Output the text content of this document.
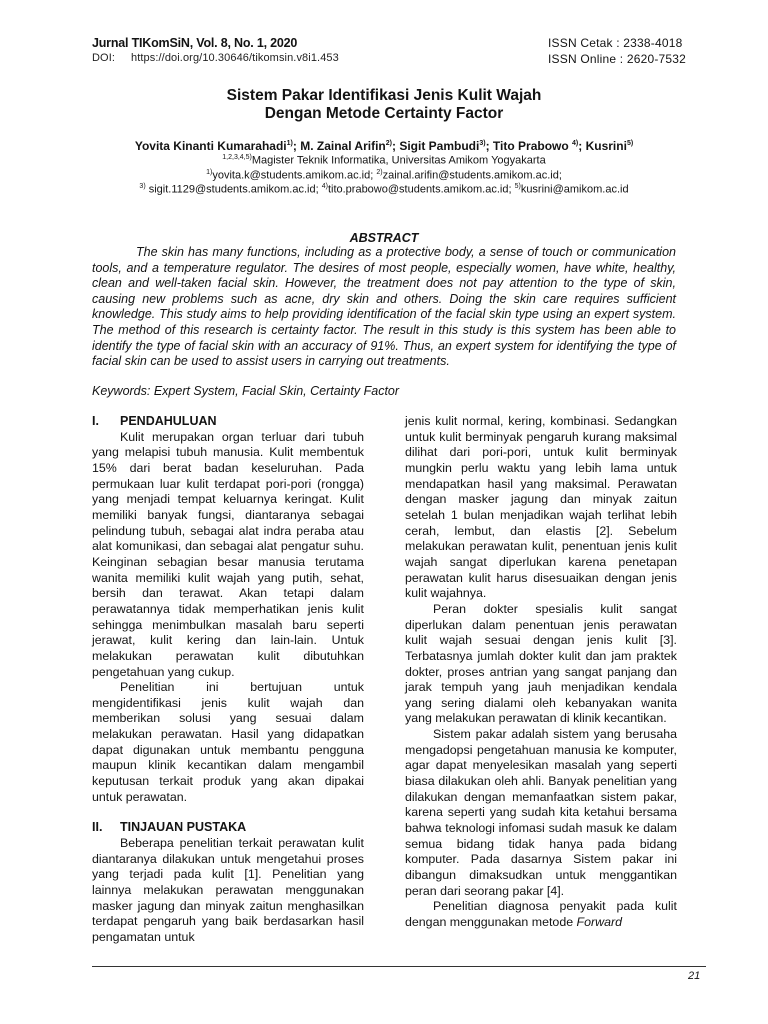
Jurnal TIKomSiN, Vol. 8, No. 1, 2020
DOI: https://doi.org/10.30646/tikomsin.v8i1.453
ISSN Cetak : 2338-4018
ISSN Online : 2620-7532
Sistem Pakar Identifikasi Jenis Kulit Wajah
Dengan Metode Certainty Factor
Yovita Kinanti Kumarahadi$^{1)}$; M. Zainal Arifin$^{2)}$; Sigit Pambudi$^{3)}$; Tito Prabowo $^{4)}$; Kusrini$^{5)}$
$^{1,2,3,4,5)}$Magister Teknik Informatika, Universitas Amikom Yogyakarta
$^{1)}$yovita.k@students.amikom.ac.id; $^{2)}$zainal.arifin@students.amikom.ac.id;
$^{3)}$ sigit.1129@students.amikom.ac.id; $^{4)}$tito.prabowo@students.amikom.ac.id; $^{5)}$kusrini@amikom.ac.id
ABSTRACT

The skin has many functions, including as a protective body, a sense of touch or communication tools, and a temperature regulator. The desires of most people, especially women, have white, healthy, clean and well-taken facial skin. However, the treatment does not pay attention to the type of skin, causing new problems such as acne, dry skin and others. Doing the skin care requires sufficient knowledge. This study aims to help providing identification of the facial skin type using an expert system. The method of this research is certainty factor. The result in this study is this system has been able to identify the type of facial skin with an accuracy of 91%. Thus, an expert system for identifying the type of facial skin can be used to assist users in carrying out treatments.

Keywords: Expert System, Facial Skin, Certainty Factor
I. PENDAHULUAN

Kulit merupakan organ terluar dari tubuh yang melapisi tubuh manusia. Kulit membentuk 15% dari berat badan keseluruhan. Pada permukaan luar kulit terdapat pori-pori (rongga) yang menjadi tempat keluarnya keringat. Kulit memiliki banyak fungsi, diantaranya sebagai pelindung tubuh, sebagai alat indra peraba atau alat komunikasi, dan sebagai alat pengatur suhu. Keinginan sebagian besar manusia terutama wanita memiliki kulit wajah yang putih, sehat, bersih dan terawat. Akan tetapi dalam perawatannya tidak memperhatikan jenis kulit sehingga menimbulkan masalah baru seperti jerawat, kulit kering dan lain-lain. Untuk melakukan perawatan kulit dibutuhkan pengetahuan yang cukup.

Penelitian ini bertujuan untuk mengidentifikasi jenis kulit wajah dan memberikan solusi yang sesuai dalam melakukan perawatan. Hasil yang didapatkan dapat digunakan untuk membantu pengguna maupun klinik kecantikan dalam mengambil keputusan terkait produk yang akan dipakai untuk perawatan.

II. TINJAUAN PUSTAKA

Beberapa penelitian terkait perawatan kulit diantaranya dilakukan untuk mengetahui proses yang terjadi pada kulit [1]. Penelitian yang lainnya melakukan perawatan menggunakan masker jagung dan minyak zaitun menghasilkan terdapat pengaruh yang baik berdasarkan hasil pengamatan untuk

jenis kulit normal, kering, kombinasi. Sedangkan untuk kulit berminyak pengaruh kurang maksimal dilihat dari pori-pori, untuk kulit berminyak mungkin perlu waktu yang lebih lama untuk mendapatkan hasil yang maksimal. Perawatan dengan masker jagung dan minyak zaitun setelah 1 bulan menjadikan wajah terlihat lebih cerah, lembut, dan elastis [2]. Sebelum melakukan perawatan kulit, penentuan jenis kulit wajah sangat diperlukan karena penetapan perawatan kulit harus disesuaikan dengan jenis kulit wajahnya.

Peran dokter spesialis kulit sangat diperlukan dalam penentuan jenis perawatan kulit wajah sesuai dengan jenis kulit [3]. Terbatasnya jumlah dokter kulit dan jam praktek dokter, proses antrian yang sangat panjang dan jarak tempuh yang jauh menjadikan kendala yang sering dialami oleh kebanyakan wanita yang melakukan perawatan di klinik kecantikan.

Sistem pakar adalah sistem yang berusaha mengadopsi pengetahuan manusia ke komputer, agar dapat menyelesikan masalah yang seperti biasa dilakukan oleh ahli. Banyak penelitian yang dilakukan dengan memanfaatkan sistem pakar, karena seperti yang sudah kita ketahui bersama bahwa teknologi infomasi sudah masuk ke dalam semua bidang tidak hanya pada bidang komputer. Pada dasarnya Sistem pakar ini dibangun dimaksudkan untuk menggantikan peran dari seorang pakar [4].

Penelitian diagnosa penyakit pada kulit dengan menggunakan metode Forward

21
